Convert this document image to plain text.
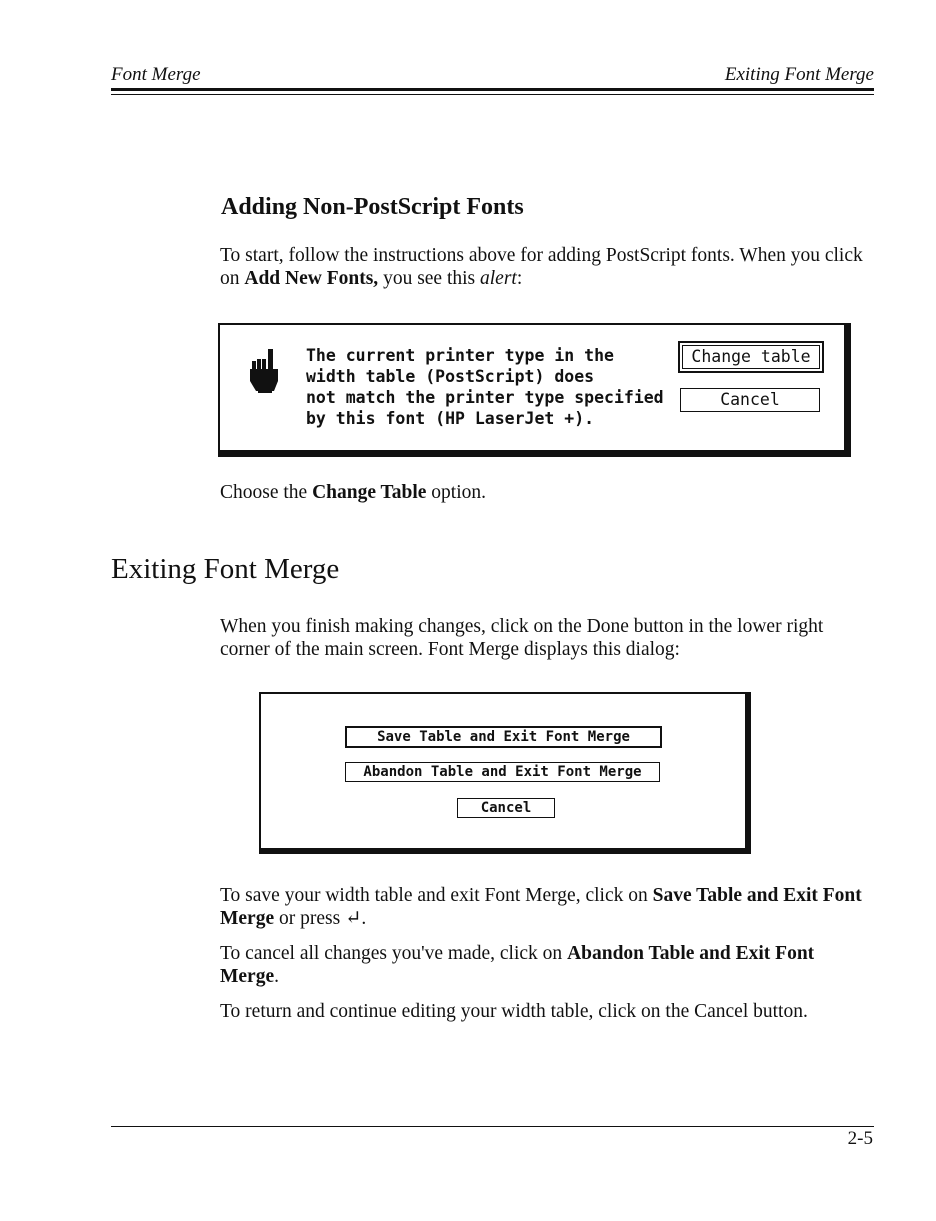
Font Merge	Exiting Font Merge
Adding Non-PostScript Fonts
To start, follow the instructions above for adding PostScript fonts. When you click on Add New Fonts, you see this alert:
The current printer type in the
width table (PostScript) does
not match the printer type specified
by this font (HP LaserJet +).
Change table
Cancel
Choose the Change Table option.
Exiting Font Merge
When you finish making changes, click on the Done button in the lower right corner of the main screen. Font Merge displays this dialog:
Save Table and Exit Font Merge
Abandon Table and Exit Font Merge
Cancel
To save your width table and exit Font Merge, click on Save Table and Exit Font Merge or press ↵.
To cancel all changes you've made, click on Abandon Table and Exit Font Merge.
To return and continue editing your width table, click on the Cancel button.
2-5
